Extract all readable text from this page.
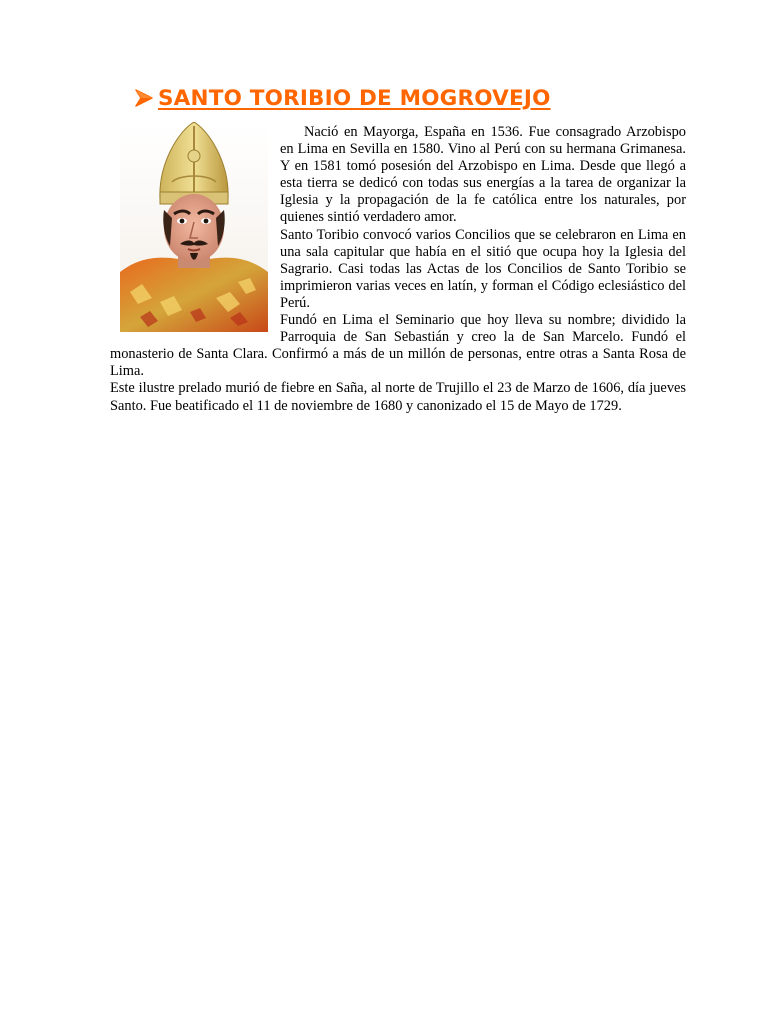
SANTO TORIBIO DE MOGROVEJO

Nació en Mayorga, España en 1536. Fue consagrado Arzobispo en Lima en Sevilla en 1580. Vino al Perú con su hermana Grimanesa. Y en 1581 tomó posesión del Arzobispo en Lima. Desde que llegó a esta tierra se dedicó con todas sus energías a la tarea de organizar la Iglesia y la propagación de la fe católica entre los naturales, por quienes sintió verdadero amor.

Santo Toribio convocó varios Concilios que se celebraron en Lima en una sala capitular que había en el sitió que ocupa hoy la Iglesia del Sagrario. Casi todas las Actas de los Concilios de Santo Toribio se imprimieron varias veces en latín, y forman el Código eclesiástico del Perú.

Fundó en Lima el Seminario que hoy lleva su nombre; dividido la Parroquia de San Sebastián y creo la de San Marcelo. Fundó el monasterio de Santa Clara. Confirmó a más de un millón de personas, entre otras a Santa Rosa de Lima.

Este ilustre prelado murió de fiebre en Saña, al norte de Trujillo el 23 de Marzo de 1606, día jueves Santo. Fue beatificado el 11 de noviembre de 1680 y canonizado el 15 de Mayo de 1729.
